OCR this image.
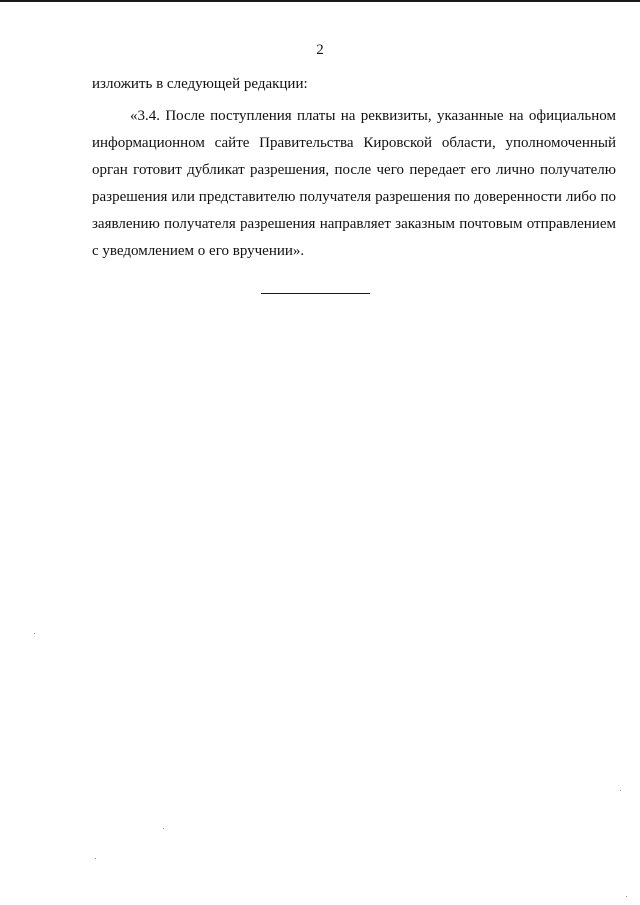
2
изложить в следующей редакции:
«3.4. После поступления платы на реквизиты, указанные на официальном информационном сайте Правительства Кировской области, уполномоченный орган готовит дубликат разрешения, после чего передает его лично получателю разрешения или представителю получателя разрешения по доверенности либо по заявлению получателя разрешения направляет заказным почтовым отправлением с уведомлением о его вручении».
